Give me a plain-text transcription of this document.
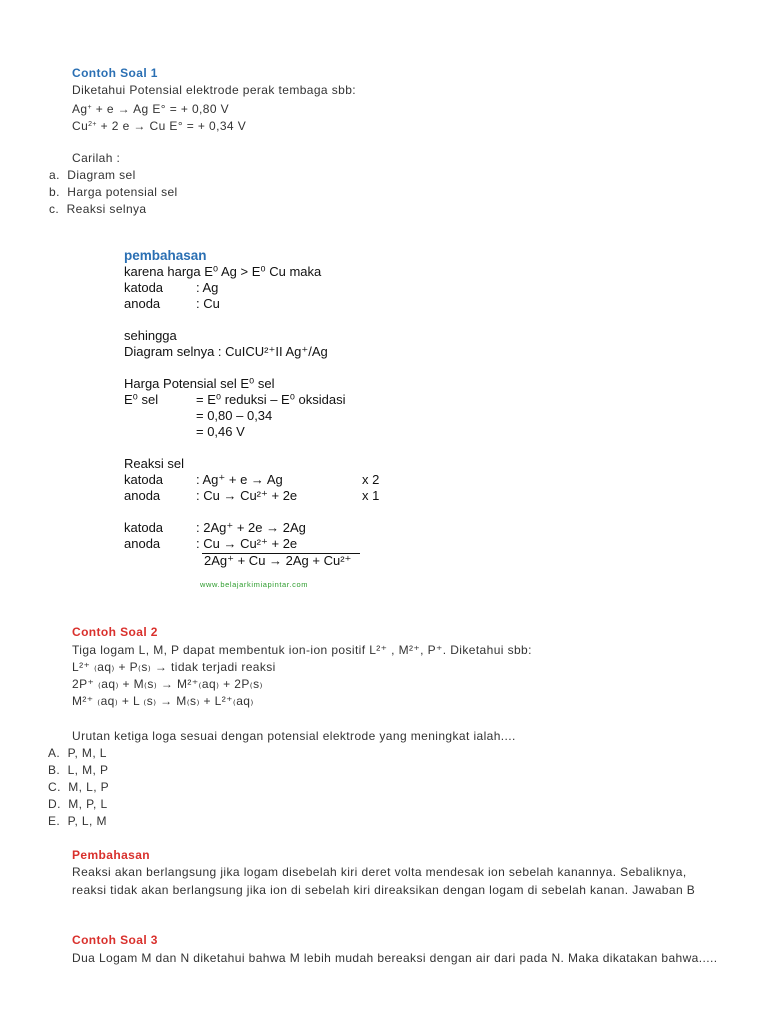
Contoh Soal 1
Diketahui Potensial elektrode perak tembaga sbb:
Ag+ + e → Ag E° = + 0,80 V
$Cu^{2+} + 2$ e → Cu E° = + 0,34 V
Carilah :
a. Diagram sel
b. Harga potensial sel
c. Reaksi selnya
pembahasan
karena harga E⁰ Ag > E⁰ Cu maka
katoda	: Ag
anoda	: Cu
sehingga
Diagram selnya : CuICU²⁺II Ag⁺/Ag
Harga Potensial sel E⁰ sel
E⁰ sel	= E⁰ reduksi – E⁰ oksidasi
= 0,80 – 0,34
= 0,46 V
Reaksi sel
katoda	: Ag⁺ + e → Ag	x 2
anoda	: Cu → Cu²⁺ + 2e	x 1
katoda	: 2Ag⁺ + 2e → 2Ag
anoda	: Cu → Cu²⁺ + 2e
2Ag⁺ + Cu → 2Ag + Cu²⁺
www.belajarkimiapintar.com
Contoh Soal 2
Tiga logam L, M, P dapat membentuk ion-ion positif L²⁺ , M²⁺, P⁺. Diketahui sbb:
L²⁺ ₍aq₎ + P₍s₎ → tidak terjadi reaksi
2P⁺ ₍aq₎ + M₍s₎ → M²⁺₍aq₎ + 2P₍s₎
M²⁺ ₍aq₎ + L ₍s₎ → M₍s₎ + L²⁺₍aq₎
Urutan ketiga loga sesuai dengan potensial elektrode yang meningkat ialah....
A. P, M, L
B. L, M, P
C. M, L, P
D. M, P, L
E. P, L, M
Pembahasan
Reaksi akan berlangsung jika logam disebelah kiri deret volta mendesak ion sebelah kanannya. Sebaliknya, reaksi tidak akan berlangsung jika ion di sebelah kiri direaksikan dengan logam di sebelah kanan. Jawaban B
Contoh Soal 3
Dua Logam M dan N diketahui bahwa M lebih mudah bereaksi dengan air dari pada N. Maka dikatakan bahwa.....
